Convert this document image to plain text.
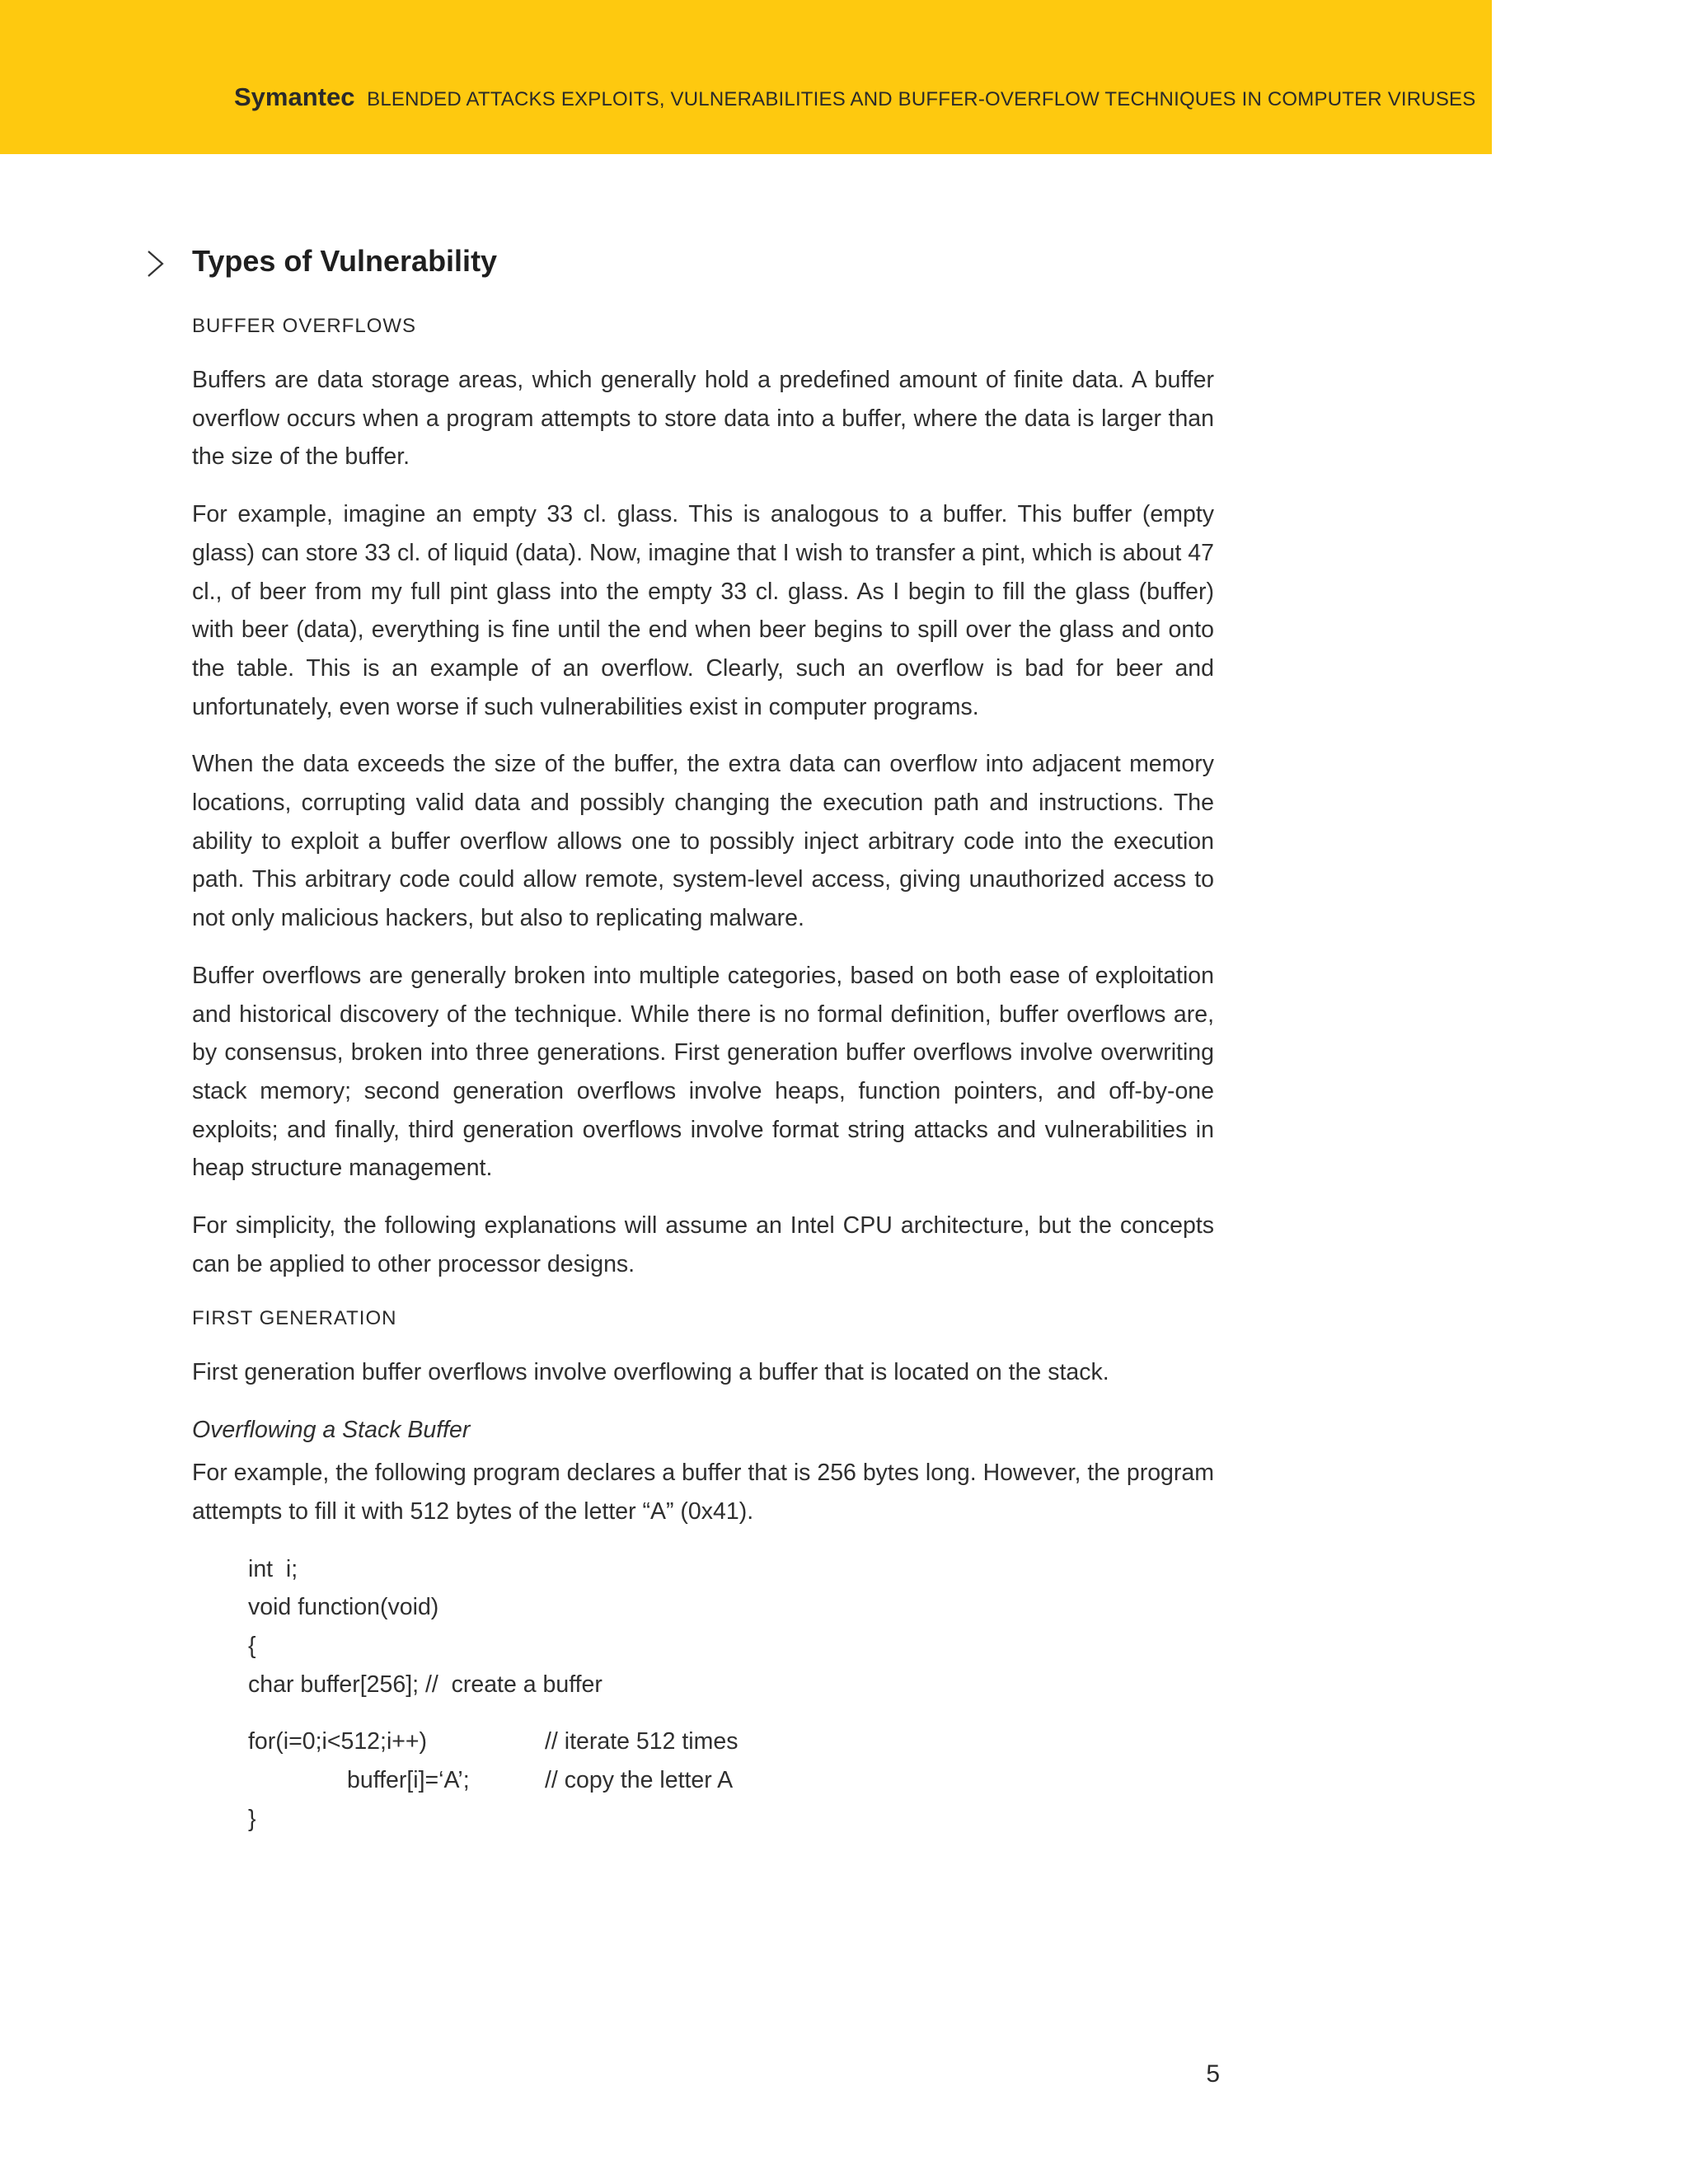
Symantec BLENDED ATTACKS EXPLOITS, VULNERABILITIES AND BUFFER-OVERFLOW TECHNIQUES IN COMPUTER VIRUSES
Types of Vulnerability
BUFFER OVERFLOWS

Buffers are data storage areas, which generally hold a predefined amount of finite data. A buffer overflow occurs when a program attempts to store data into a buffer, where the data is larger than the size of the buffer.

For example, imagine an empty 33 cl. glass. This is analogous to a buffer. This buffer (empty glass) can store 33 cl. of liquid (data). Now, imagine that I wish to transfer a pint, which is about 47 cl., of beer from my full pint glass into the empty 33 cl. glass. As I begin to fill the glass (buffer) with beer (data), everything is fine until the end when beer begins to spill over the glass and onto the table. This is an example of an overflow. Clearly, such an overflow is bad for beer and unfortunately, even worse if such vulnerabilities exist in computer programs.

When the data exceeds the size of the buffer, the extra data can overflow into adjacent memory locations, corrupting valid data and possibly changing the execution path and instructions. The ability to exploit a buffer overflow allows one to possibly inject arbitrary code into the execution path. This arbitrary code could allow remote, system-level access, giving unauthorized access to not only malicious hackers, but also to replicating malware.

Buffer overflows are generally broken into multiple categories, based on both ease of exploitation and historical discovery of the technique. While there is no formal definition, buffer overflows are, by consensus, broken into three generations. First generation buffer overflows involve overwriting stack memory; second generation overflows involve heaps, function pointers, and off-by-one exploits; and finally, third generation overflows involve format string attacks and vulnerabilities in heap structure management.

For simplicity, the following explanations will assume an Intel CPU architecture, but the concepts can be applied to other processor designs.

FIRST GENERATION

First generation buffer overflows involve overflowing a buffer that is located on the stack.

Overflowing a Stack Buffer

For example, the following program declares a buffer that is 256 bytes long. However, the program attempts to fill it with 512 bytes of the letter “A” (0x41).

int  i;
void function(void)
{
char buffer[256]; //  create a buffer
for(i=0;i<512;i++)	// iterate 512 times
buffer[i]=‘A’;	// copy the letter A
}
5
